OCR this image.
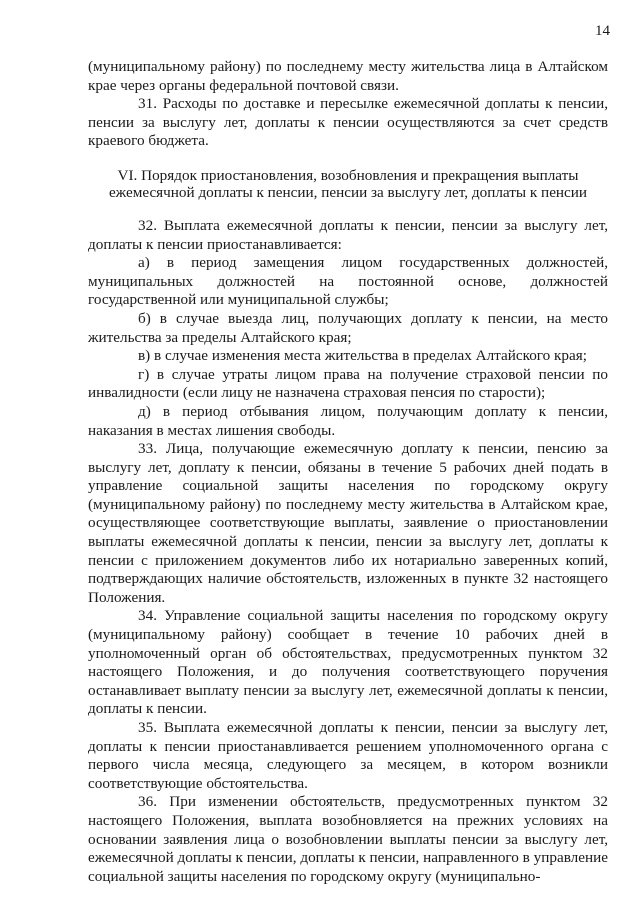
14

(муниципальному району) по последнему месту жительства лица в Алтайском крае через органы федеральной почтовой связи.

31. Расходы по доставке и пересылке ежемесячной доплаты к пенсии, пенсии за выслугу лет, доплаты к пенсии осуществляются за счет средств краевого бюджета.

VI. Порядок приостановления, возобновления и прекращения выплаты ежемесячной доплаты к пенсии, пенсии за выслугу лет, доплаты к пенсии

32. Выплата ежемесячной доплаты к пенсии, пенсии за выслугу лет, доплаты к пенсии приостанавливается:

а) в период замещения лицом государственных должностей, муниципальных должностей на постоянной основе, должностей государственной или муниципальной службы;

б) в случае выезда лиц, получающих доплату к пенсии, на место жительства за пределы Алтайского края;

в) в случае изменения места жительства в пределах Алтайского края;

г) в случае утраты лицом права на получение страховой пенсии по инвалидности (если лицу не назначена страховая пенсия по старости);

д) в период отбывания лицом, получающим доплату к пенсии, наказания в местах лишения свободы.

33. Лица, получающие ежемесячную доплату к пенсии, пенсию за выслугу лет, доплату к пенсии, обязаны в течение 5 рабочих дней подать в управление социальной защиты населения по городскому округу (муниципальному району) по последнему месту жительства в Алтайском крае, осуществляющее соответствующие выплаты, заявление о приостановлении выплаты ежемесячной доплаты к пенсии, пенсии за выслугу лет, доплаты к пенсии с приложением документов либо их нотариально заверенных копий, подтверждающих наличие обстоятельств, изложенных в пункте 32 настоящего Положения.

34. Управление социальной защиты населения по городскому округу (муниципальному району) сообщает в течение 10 рабочих дней в уполномоченный орган об обстоятельствах, предусмотренных пунктом 32 настоящего Положения, и до получения соответствующего поручения останавливает выплату пенсии за выслугу лет, ежемесячной доплаты к пенсии, доплаты к пенсии.

35. Выплата ежемесячной доплаты к пенсии, пенсии за выслугу лет, доплаты к пенсии приостанавливается решением уполномоченного органа с первого числа месяца, следующего за месяцем, в котором возникли соответствующие обстоятельства.

36. При изменении обстоятельств, предусмотренных пунктом 32 настоящего Положения, выплата возобновляется на прежних условиях на основании заявления лица о возобновлении выплаты пенсии за выслугу лет, ежемесячной доплаты к пенсии, доплаты к пенсии, направленного в управление социальной защиты населения по городскому округу (муниципально-
